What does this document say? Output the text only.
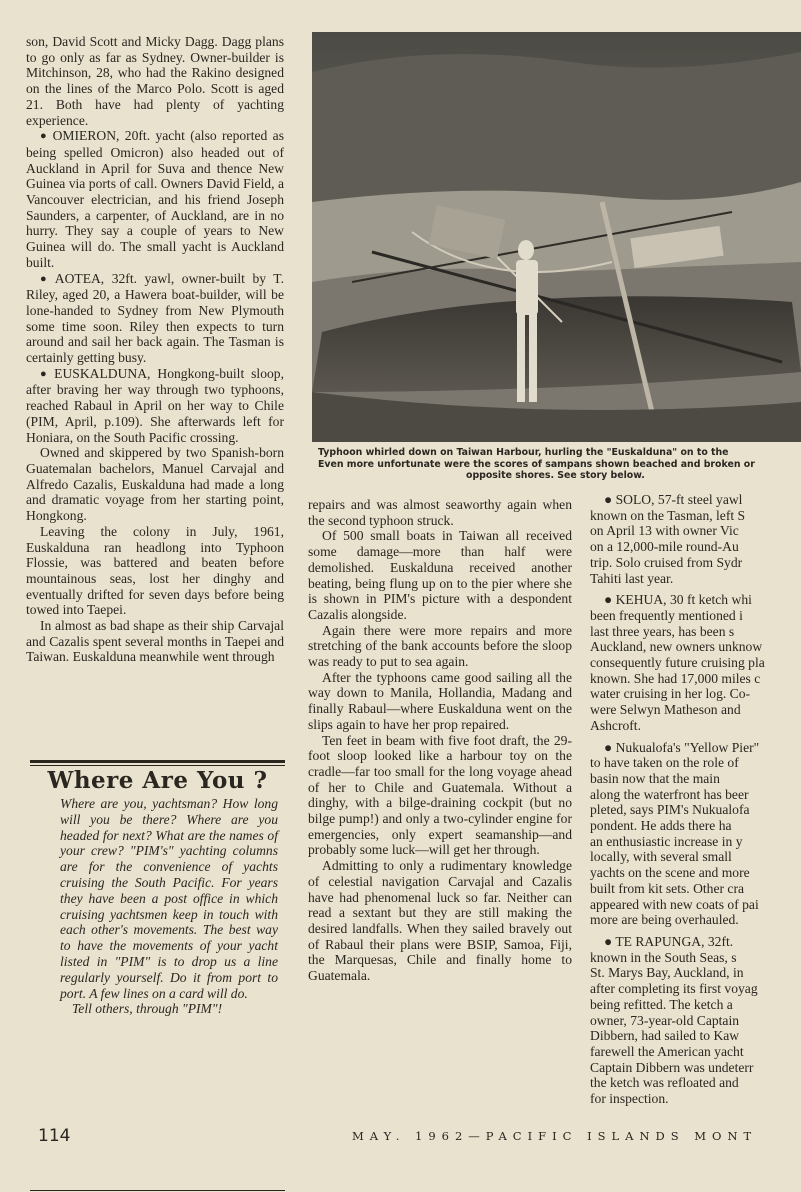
son, David Scott and Micky Dagg. Dagg plans to go only as far as Sydney. Owner-builder is Mitchinson, 28, who had the Rakino designed on the lines of the Marco Polo. Scott is aged 21. Both have had plenty of yachting experience.

● OMIERON, 20ft. yacht (also reported as being spelled Omicron) also headed out of Auckland in April for Suva and thence New Guinea via ports of call. Owners David Field, a Vancouver electrician, and his friend Joseph Saunders, a carpenter, of Auckland, are in no hurry. They say a couple of years to New Guinea will do. The small yacht is Auckland built.

● AOTEA, 32ft. yawl, owner-built by T. Riley, aged 20, a Hawera boat-builder, will be lone-handed to Sydney from New Plymouth some time soon. Riley then expects to turn around and sail her back again. The Tasman is certainly getting busy.

● EUSKALDUNA, Hongkong-built sloop, after braving her way through two typhoons, reached Rabaul in April on her way to Chile (PIM, April, p.109). She afterwards left for Honiara, on the South Pacific crossing.

Owned and skippered by two Spanish-born Guatemalan bachelors, Manuel Carvajal and Alfredo Cazalis, Euskalduna had made a long and dramatic voyage from her starting point, Hongkong.

Leaving the colony in July, 1961, Euskalduna ran headlong into Typhoon Flossie, was battered and beaten before mountainous seas, lost her dinghy and eventually drifted for seven days before being towed into Taepei.

In almost as bad shape as their ship Carvajal and Cazalis spent several months in Taepei and Taiwan. Euskalduna meanwhile went through

Typhoon whirled down on Taiwan Harbour, hurling the "Euskalduna" on to the
Even more unfortunate were the scores of sampans shown beached and broken or
opposite shores. See story below.
Where Are You ?

Where are you, yachtsman? How long will you be there? Where are you headed for next? What are the names of your crew? "PIM's" yachting columns are for the convenience of yachts cruising the South Pacific. For years they have been a post office in which cruising yachtsmen keep in touch with each other's movements. The best way to have the movements of your yacht listed in "PIM" is to drop us a line regularly yourself. Do it from port to port. A few lines on a card will do.

Tell others, through "PIM"!

repairs and was almost seaworthy again when the second typhoon struck.

Of 500 small boats in Taiwan all received some damage—more than half were demolished. Euskalduna received another beating, being flung up on to the pier where she is shown in PIM's picture with a despondent Cazalis alongside.

Again there were more repairs and more stretching of the bank accounts before the sloop was ready to put to sea again.

After the typhoons came good sailing all the way down to Manila, Hollandia, Madang and finally Rabaul—where Euskalduna went on the slips again to have her prop repaired.

Ten feet in beam with five foot draft, the 29-foot sloop looked like a harbour toy on the cradle—far too small for the long voyage ahead of her to Chile and Guatemala. Without a dinghy, with a bilge-draining cockpit (but no bilge pump!) and only a two-cylinder engine for emergencies, only expert seamanship—and probably some luck—will get her through.

Admitting to only a rudimentary knowledge of celestial navigation Carvajal and Cazalis have had phenomenal luck so far. Neither can read a sextant but they are still making the desired landfalls. When they sailed bravely out of Rabaul their plans were BSIP, Samoa, Fiji, the Marquesas, Chile and finally home to Guatemala.

● SOLO, 57-ft steel yawl

known on the Tasman, left S

on April 13 with owner Vic

on a 12,000-mile round-Au

trip. Solo cruised from Sydr

Tahiti last year.

● KEHUA, 30 ft ketch whi

been frequently mentioned i

last three years, has been s

Auckland, new owners unknow

consequently future cruising pla

known. She had 17,000 miles c

water cruising in her log. Co-

were Selwyn Matheson and

Ashcroft.

● Nukualofa's "Yellow Pier"

to have taken on the role of

basin now that the main

along the waterfront has beer

pleted, says PIM's Nukualofa

pondent. He adds there ha

an enthusiastic increase in y

locally, with several small

yachts on the scene and more

built from kit sets. Other cra

appeared with new coats of pai

more are being overhauled.

● TE RAPUNGA, 32ft.

known in the South Seas, s

St. Marys Bay, Auckland, in

after completing its first voyag

being refitted. The ketch a

owner, 73-year-old Captain

Dibbern, had sailed to Kaw

farewell the American yacht

Captain Dibbern was undeterr

the ketch was refloated and

for inspection.

114	MAY. 1962—PACIFIC ISLANDS MONT
